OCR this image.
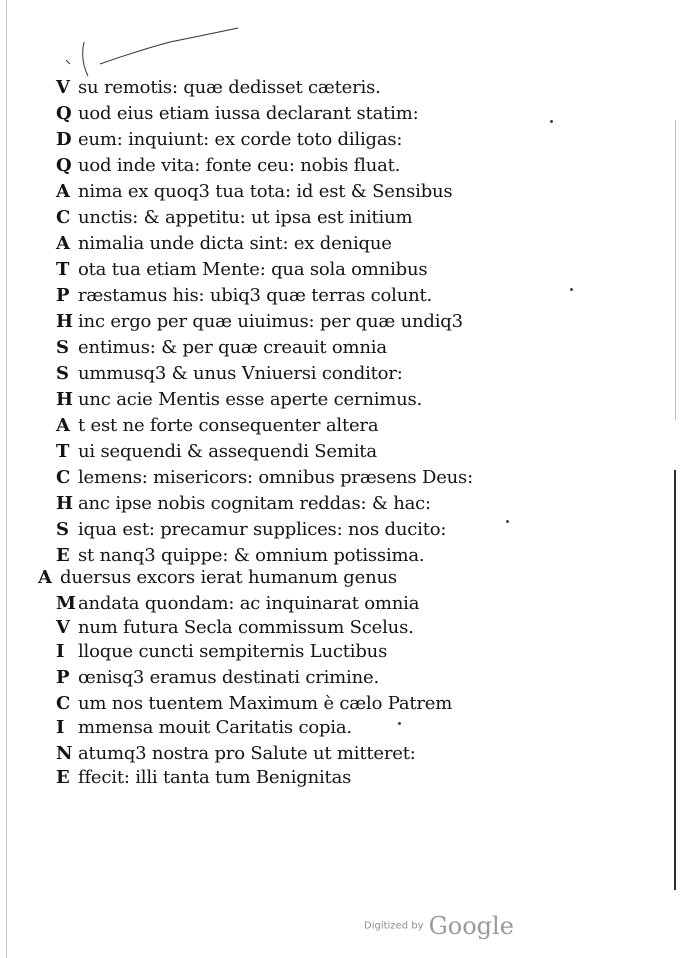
V su remotis: quæ dedisset cæteris.
Q uod eius etiam iussa declarant statim:
D eum: inquiunt: ex corde toto diligas:
Q uod inde vita: fonte ceu: nobis fluat.
A nima ex quoq3 tua tota: id est & Sensibus
C unctis: & appetitu: ut ipsa est initium
A nimalia unde dicta sint: ex denique
T ota tua etiam Mente: qua sola omnibus
P ræstamus his: ubiq3 quæ terras colunt.
H inc ergo per quæ uiuimus: per quæ undiq3
S entimus: & per quæ creauit omnia
S ummusq3 & unus Vniuersi conditor:
H unc acie Mentis esse aperte cernimus.
A t est ne forte consequenter altera
T ui sequendi & assequendi Semita
C lemens: misericors: omnibus præsens Deus:
H anc ipse nobis cognitam reddas: & hac:
S iqua est: precamur supplices: nos ducito:
E st nanq3 quippe: & omnium potissima.
A duersus excors ierat humanum genus
M andata quondam: ac inquinarat omnia
V num futura Secla commissum Scelus.
I lloque cuncti sempiternis Luctibus
P œnisq3 eramus destinati crimine.
C um nos tuentem Maximum è cælo Patrem
I mmensa mouit Caritatis copia.
N atumq3 nostra pro Salute ut mitteret:
E ffecit: illi tanta tum Benignitas
Digitized by Google
